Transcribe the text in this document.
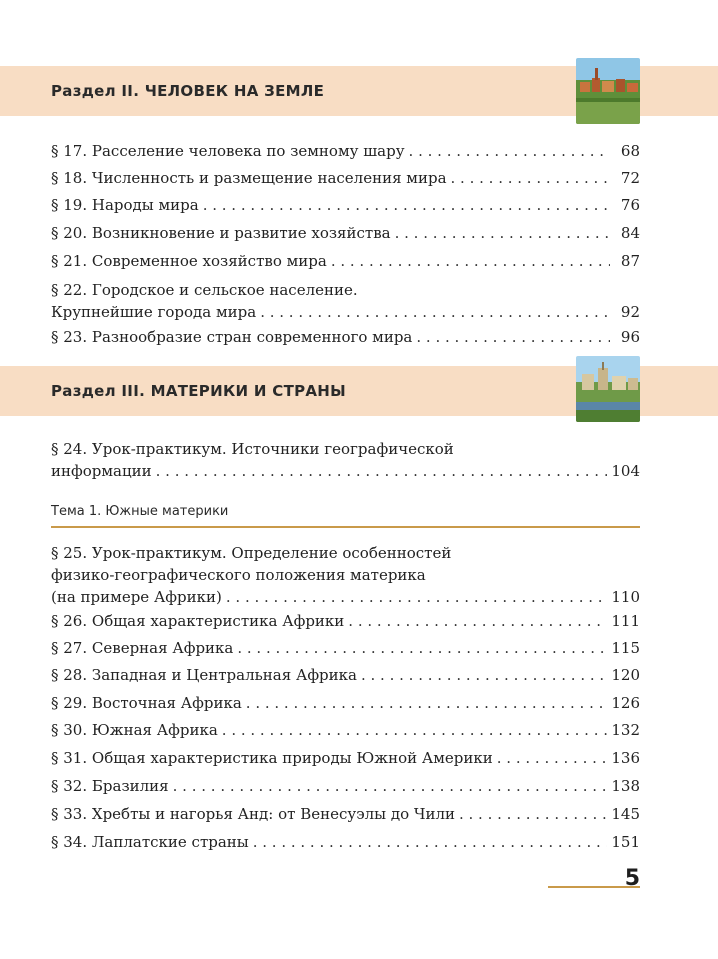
Раздел II. ЧЕЛОВЕК НА ЗЕМЛЕ
§ 17. Расселение человека по земному шару . . .	68
§ 18. Численность и размещение населения мира . . .	72
§ 19. Народы мира . . .	76
§ 20. Возникновение и развитие хозяйства . . .	84
§ 21. Современное хозяйство мира . . .	87
§ 22. Городское и сельское население.
Крупнейшие города мира . . .	92
§ 23. Разнообразие стран современного мира . . .	96
Раздел III. МАТЕРИКИ И СТРАНЫ
§ 24. Урок-практикум. Источники географической
информации . . .	104
Тема 1. Южные материки
§ 25. Урок-практикум. Определение особенностей
физико-географического положения материка
(на примере Африки) . . .	110
§ 26. Общая характеристика Африки . . .	111
§ 27. Северная Африка . . .	115
§ 28. Западная и Центральная Африка . . .	120
§ 29. Восточная Африка . . .	126
§ 30. Южная Африка . . .	132
§ 31. Общая характеристика природы Южной Америки . . .	136
§ 32. Бразилия . . .	138
§ 33. Хребты и нагорья Анд: от Венесуэлы до Чили . . .	145
§ 34. Лаплатские страны . . .	151
5
